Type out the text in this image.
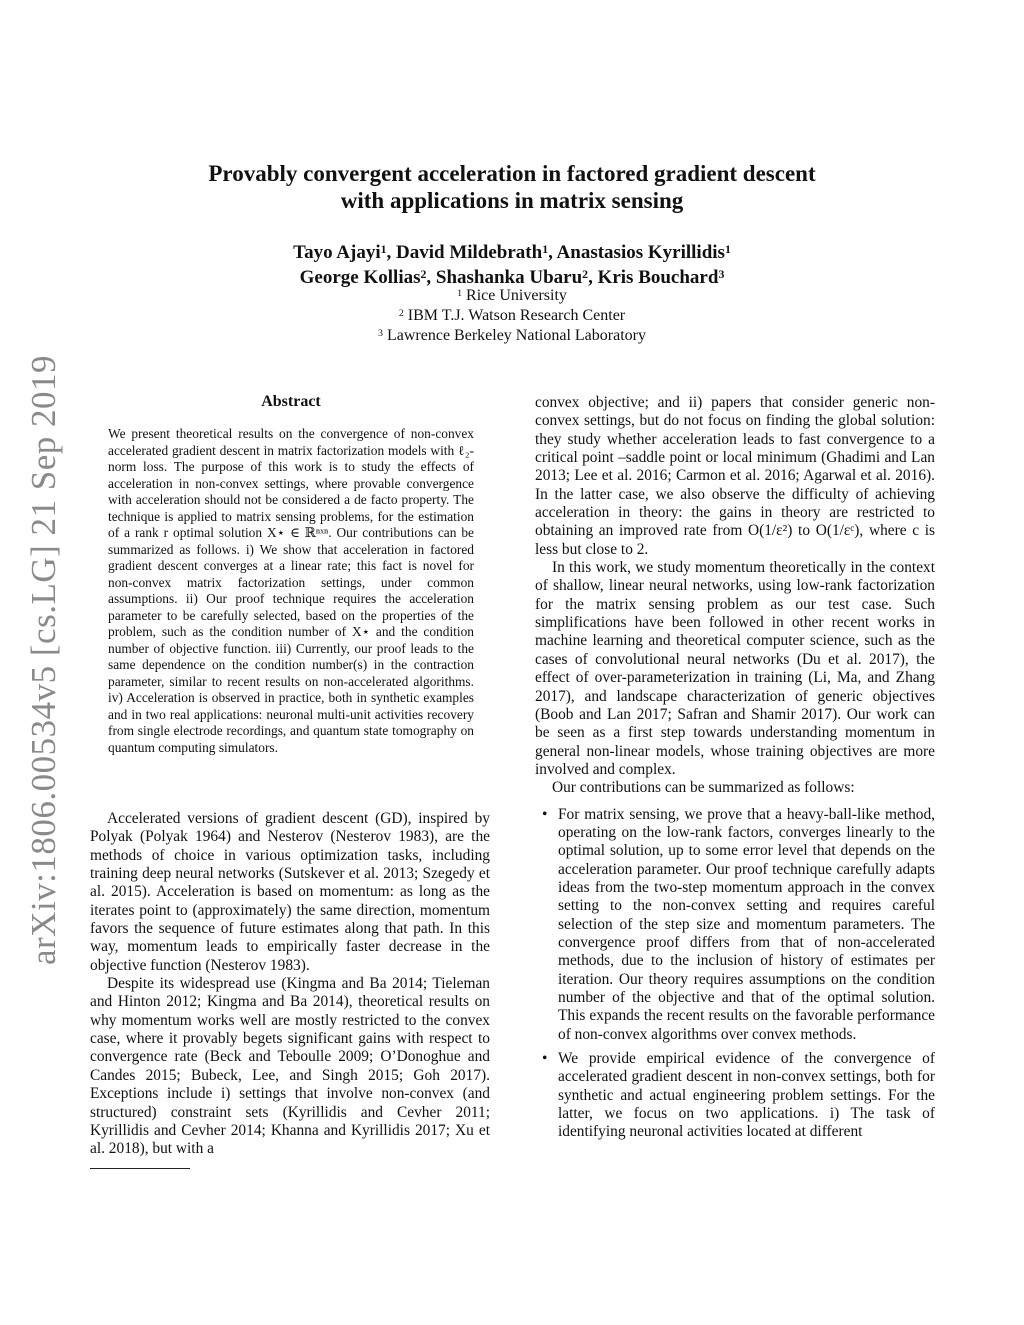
arXiv:1806.00534v5 [cs.LG] 21 Sep 2019
Provably convergent acceleration in factored gradient descent
with applications in matrix sensing
Tayo Ajayi$^1$, David Mildebrath$^1$, Anastasios Kyrillidis$^1$
George Kollias$^2$, Shashanka Ubaru$^2$, Kris Bouchard$^3$
$^1$ Rice University
$^2$ IBM T.J. Watson Research Center
$^3$ Lawrence Berkeley National Laboratory
Abstract
We present theoretical results on the convergence of non-convex accelerated gradient descent in matrix factorization models with ℓ₂-norm loss. The purpose of this work is to study the effects of acceleration in non-convex settings, where provable convergence with acceleration should not be considered a de facto property. The technique is applied to matrix sensing problems, for the estimation of a rank r optimal solution X⋆ ∈ ℝⁿˣⁿ. Our contributions can be summarized as follows. i) We show that acceleration in factored gradient descent converges at a linear rate; this fact is novel for non-convex matrix factorization settings, under common assumptions. ii) Our proof technique requires the acceleration parameter to be carefully selected, based on the properties of the problem, such as the condition number of X⋆ and the condition number of objective function. iii) Currently, our proof leads to the same dependence on the condition number(s) in the contraction parameter, similar to recent results on non-accelerated algorithms. iv) Acceleration is observed in practice, both in synthetic examples and in two real applications: neuronal multi-unit activities recovery from single electrode recordings, and quantum state tomography on quantum computing simulators.

Accelerated versions of gradient descent (GD), inspired by Polyak (Polyak 1964) and Nesterov (Nesterov 1983), are the methods of choice in various optimization tasks, including training deep neural networks (Sutskever et al. 2013; Szegedy et al. 2015). Acceleration is based on momentum: as long as the iterates point to (approximately) the same direction, momentum favors the sequence of future estimates along that path. In this way, momentum leads to empirically faster decrease in the objective function (Nesterov 1983).

Despite its widespread use (Kingma and Ba 2014; Tieleman and Hinton 2012; Kingma and Ba 2014), theoretical results on why momentum works well are mostly restricted to the convex case, where it provably begets significant gains with respect to convergence rate (Beck and Teboulle 2009; O’Donoghue and Candes 2015; Bubeck, Lee, and Singh 2015; Goh 2017). Exceptions include i) settings that involve non-convex (and structured) constraint sets (Kyrillidis and Cevher 2011; Kyrillidis and Cevher 2014; Khanna and Kyrillidis 2017; Xu et al. 2018), but with a

convex objective; and ii) papers that consider generic non-convex settings, but do not focus on finding the global solution: they study whether acceleration leads to fast convergence to a critical point –saddle point or local minimum (Ghadimi and Lan 2013; Lee et al. 2016; Carmon et al. 2016; Agarwal et al. 2016). In the latter case, we also observe the difficulty of achieving acceleration in theory: the gains in theory are restricted to obtaining an improved rate from O(1/ε²) to O(1/εᶜ), where c is less but close to 2.

In this work, we study momentum theoretically in the context of shallow, linear neural networks, using low-rank factorization for the matrix sensing problem as our test case. Such simplifications have been followed in other recent works in machine learning and theoretical computer science, such as the cases of convolutional neural networks (Du et al. 2017), the effect of over-parameterization in training (Li, Ma, and Zhang 2017), and landscape characterization of generic objectives (Boob and Lan 2017; Safran and Shamir 2017). Our work can be seen as a first step towards understanding momentum in general non-linear models, whose training objectives are more involved and complex.

Our contributions can be summarized as follows:

• For matrix sensing, we prove that a heavy-ball-like method, operating on the low-rank factors, converges linearly to the optimal solution, up to some error level that depends on the acceleration parameter. Our proof technique carefully adapts ideas from the two-step momentum approach in the convex setting to the non-convex setting and requires careful selection of the step size and momentum parameters. The convergence proof differs from that of non-accelerated methods, due to the inclusion of history of estimates per iteration. Our theory requires assumptions on the condition number of the objective and that of the optimal solution. This expands the recent results on the favorable performance of non-convex algorithms over convex methods.
• We provide empirical evidence of the convergence of accelerated gradient descent in non-convex settings, both for synthetic and actual engineering problem settings. For the latter, we focus on two applications. i) The task of identifying neuronal activities located at different
